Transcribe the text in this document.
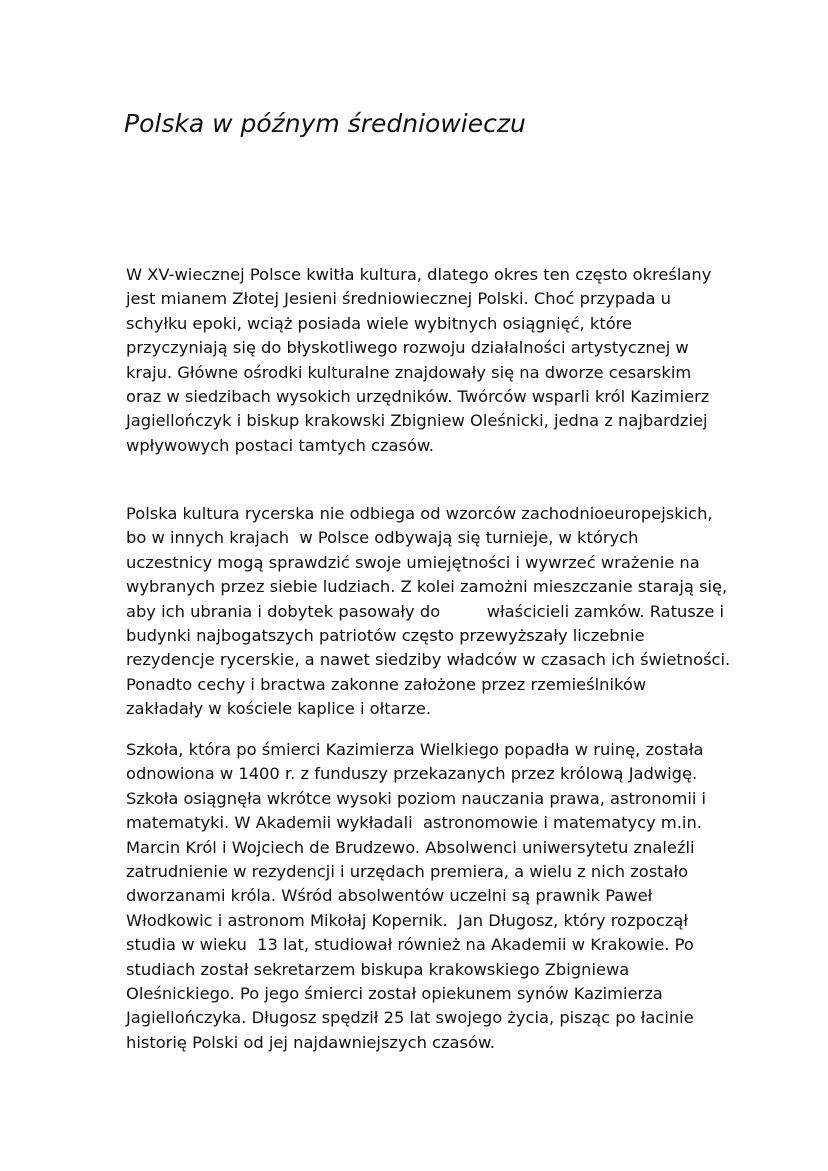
Polska w późnym średniowieczu
W XV-wiecznej Polsce kwitła kultura, dlatego okres ten często określany
jest mianem Złotej Jesieni średniowiecznej Polski. Choć przypada u
schyłku epoki, wciąż posiada wiele wybitnych osiągnięć, które
przyczyniają się do błyskotliwego rozwoju działalności artystycznej w
kraju. Główne ośrodki kulturalne znajdowały się na dworze cesarskim
oraz w siedzibach wysokich urzędników. Twórców wsparli król Kazimierz
Jagiellończyk i biskup krakowski Zbigniew Oleśnicki, jedna z najbardziej
wpływowych postaci tamtych czasów.
Polska kultura rycerska nie odbiega od wzorców zachodnioeuropejskich,
bo w innych krajach  w Polsce odbywają się turnieje, w których
uczestnicy mogą sprawdzić swoje umiejętności i wywrzeć wrażenie na
wybranych przez siebie ludziach. Z kolei zamożni mieszczanie starają się,
aby ich ubrania i dobytek pasowały do         właścicieli zamków. Ratusze i
budynki najbogatszych patriotów często przewyższały liczebnie
rezydencje rycerskie, a nawet siedziby władców w czasach ich świetności.
Ponadto cechy i bractwa zakonne założone przez rzemieślników
zakładały w kościele kaplice i ołtarze.
Szkoła, która po śmierci Kazimierza Wielkiego popadła w ruinę, została
odnowiona w 1400 r. z funduszy przekazanych przez królową Jadwigę.
Szkoła osiągnęła wkrótce wysoki poziom nauczania prawa, astronomii i
matematyki. W Akademii wykładali  astronomowie i matematycy m.in.
Marcin Król i Wojciech de Brudzewo. Absolwenci uniwersytetu znaleźli
zatrudnienie w rezydencji i urzędach premiera, a wielu z nich zostało
dworzanami króla. Wśród absolwentów uczelni są prawnik Paweł
Włodkowic i astronom Mikołaj Kopernik.  Jan Długosz, który rozpoczął
studia w wieku  13 lat, studiował również na Akademii w Krakowie. Po
studiach został sekretarzem biskupa krakowskiego Zbigniewa
Oleśnickiego. Po jego śmierci został opiekunem synów Kazimierza
Jagiellończyka. Długosz spędził 25 lat swojego życia, pisząc po łacinie
historię Polski od jej najdawniejszych czasów.
